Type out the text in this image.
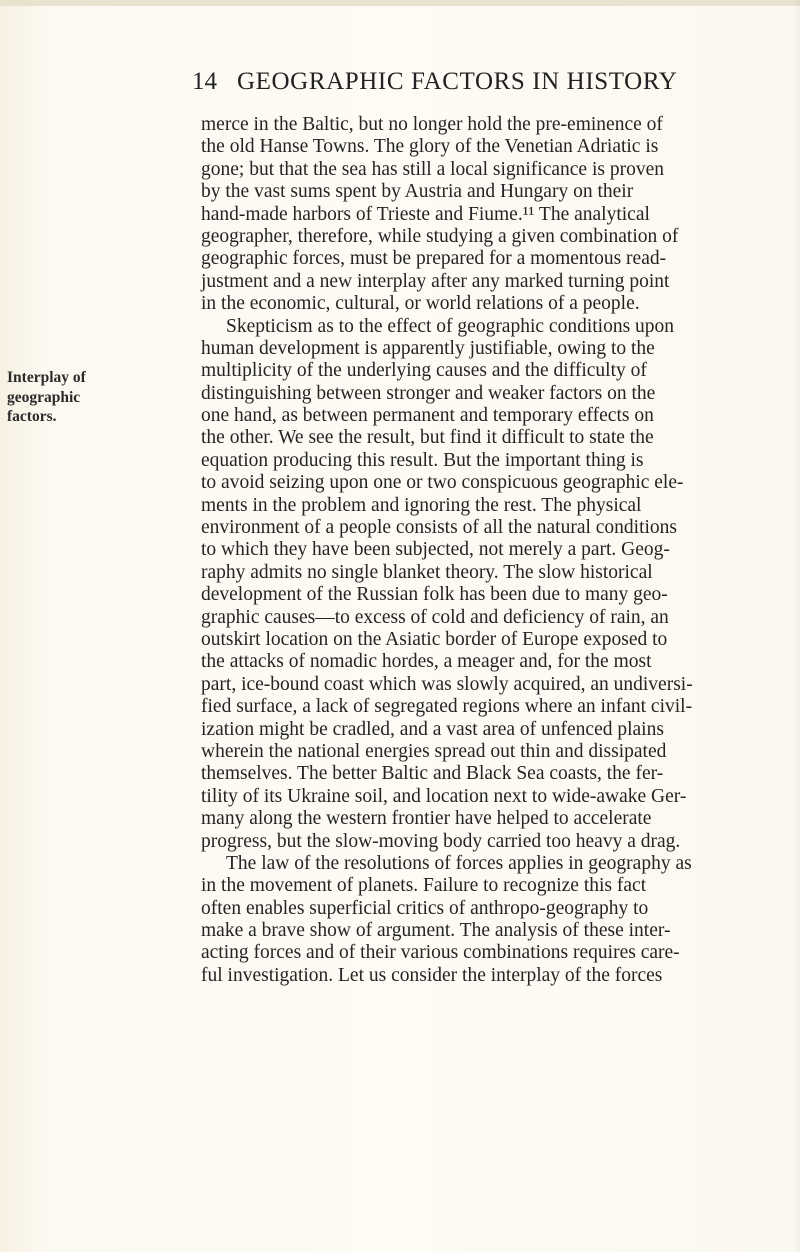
14 GEOGRAPHIC FACTORS IN HISTORY
Interplay of
geographic
factors.
merce in the Baltic, but no longer hold the pre-eminence of
the old Hanse Towns. The glory of the Venetian Adriatic is
gone; but that the sea has still a local significance is proven
by the vast sums spent by Austria and Hungary on their
hand-made harbors of Trieste and Fiume.¹¹ The analytical
geographer, therefore, while studying a given combination of
geographic forces, must be prepared for a momentous read-
justment and a new interplay after any marked turning point
in the economic, cultural, or world relations of a people.
Skepticism as to the effect of geographic conditions upon
human development is apparently justifiable, owing to the
multiplicity of the underlying causes and the difficulty of
distinguishing between stronger and weaker factors on the
one hand, as between permanent and temporary effects on
the other. We see the result, but find it difficult to state the
equation producing this result. But the important thing is
to avoid seizing upon one or two conspicuous geographic ele-
ments in the problem and ignoring the rest. The physical
environment of a people consists of all the natural conditions
to which they have been subjected, not merely a part. Geog-
raphy admits no single blanket theory. The slow historical
development of the Russian folk has been due to many geo-
graphic causes—to excess of cold and deficiency of rain, an
outskirt location on the Asiatic border of Europe exposed to
the attacks of nomadic hordes, a meager and, for the most
part, ice-bound coast which was slowly acquired, an undiversi-
fied surface, a lack of segregated regions where an infant civil-
ization might be cradled, and a vast area of unfenced plains
wherein the national energies spread out thin and dissipated
themselves. The better Baltic and Black Sea coasts, the fer-
tility of its Ukraine soil, and location next to wide-awake Ger-
many along the western frontier have helped to accelerate
progress, but the slow-moving body carried too heavy a drag.
The law of the resolutions of forces applies in geography as
in the movement of planets. Failure to recognize this fact
often enables superficial critics of anthropo-geography to
make a brave show of argument. The analysis of these inter-
acting forces and of their various combinations requires care-
ful investigation. Let us consider the interplay of the forces
